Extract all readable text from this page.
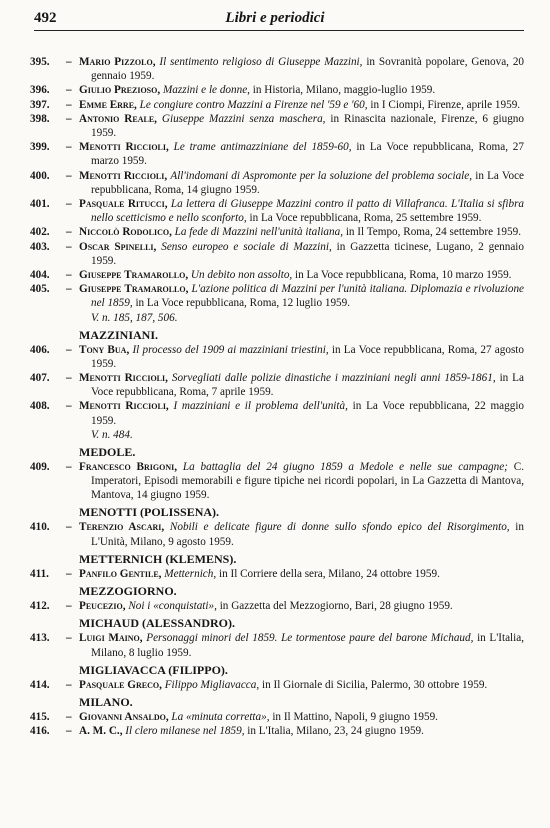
492	Libri e periodici
395.	– Mario Pizzolo, Il sentimento religioso di Giuseppe Mazzini, in Sovranità popolare, Genova, 20 gennaio 1959.
396.	– Giulio Prezioso, Mazzini e le donne, in Historia, Milano, maggio-luglio 1959.
397.	– Emme Erre, Le congiure contro Mazzini a Firenze nel '59 e '60, in I Ciompi, Firenze, aprile 1959.
398.	– Antonio Reale, Giuseppe Mazzini senza maschera, in Rinascita nazionale, Firenze, 6 giugno 1959.
399.	– Menotti Riccioli, Le trame antimazziniane del 1859-60, in La Voce repubblicana, Roma, 27 marzo 1959.
400.	– Menotti Riccioli, All'indomani di Aspromonte per la soluzione del problema sociale, in La Voce repubblicana, Roma, 14 giugno 1959.
401.	– Pasquale Ritucci, La lettera di Giuseppe Mazzini contro il patto di Villafranca. L'Italia si sfibra nello scetticismo e nello sconforto, in La Voce repubblicana, Roma, 25 settembre 1959.
402.	– Niccolò Rodolico, La fede di Mazzini nell'unità italiana, in Il Tempo, Roma, 24 settembre 1959.
403.	– Oscar Spinelli, Senso europeo e sociale di Mazzini, in Gazzetta ticinese, Lugano, 2 gennaio 1959.
404.	– Giuseppe Tramarollo, Un debito non assolto, in La Voce repubblicana, Roma, 10 marzo 1959.
405.	– Giuseppe Tramarollo, L'azione politica di Mazzini per l'unità italiana. Diplomazia e rivoluzione nel 1859, in La Voce repubblicana, Roma, 12 luglio 1959.
V. n. 185, 187, 506.
MAZZINIANI.
406.	– Tony Bua, Il processo del 1909 ai mazziniani triestini, in La Voce repubblicana, Roma, 27 agosto 1959.
407.	– Menotti Riccioli, Sorvegliati dalle polizie dinastiche i mazziniani negli anni 1859-1861, in La Voce repubblicana, Roma, 7 aprile 1959.
408.	– Menotti Riccioli, I mazziniani e il problema dell'unità, in La Voce repubblicana, 22 maggio 1959.
V. n. 484.
MEDOLE.
409.	– Francesco Brigoni, La battaglia del 24 giugno 1859 a Medole e nelle sue campagne; C. Imperatori, Episodi memorabili e figure tipiche nei ricordi popolari, in La Gazzetta di Mantova, Mantova, 14 giugno 1959.
MENOTTI (POLISSENA).
410.	– Terenzio Ascari, Nobili e delicate figure di donne sullo sfondo epico del Risorgimento, in L'Unità, Milano, 9 agosto 1959.
METTERNICH (KLEMENS).
411.	– Panfilo Gentile, Metternich, in Il Corriere della sera, Milano, 24 ottobre 1959.
MEZZOGIORNO.
412.	– Peucezio, Noi i «conquistati», in Gazzetta del Mezzogiorno, Bari, 28 giugno 1959.
MICHAUD (ALESSANDRO).
413.	– Luigi Maino, Personaggi minori del 1859. Le tormentose paure del barone Michaud, in L'Italia, Milano, 8 luglio 1959.
MIGLIAVACCA (FILIPPO).
414.	– Pasquale Greco, Filippo Migliavacca, in Il Giornale di Sicilia, Palermo, 30 ottobre 1959.
MILANO.
415.	– Giovanni Ansaldo, La «minuta corretta», in Il Mattino, Napoli, 9 giugno 1959.
416.	– A. M. C., Il clero milanese nel 1859, in L'Italia, Milano, 23, 24 giugno 1959.
